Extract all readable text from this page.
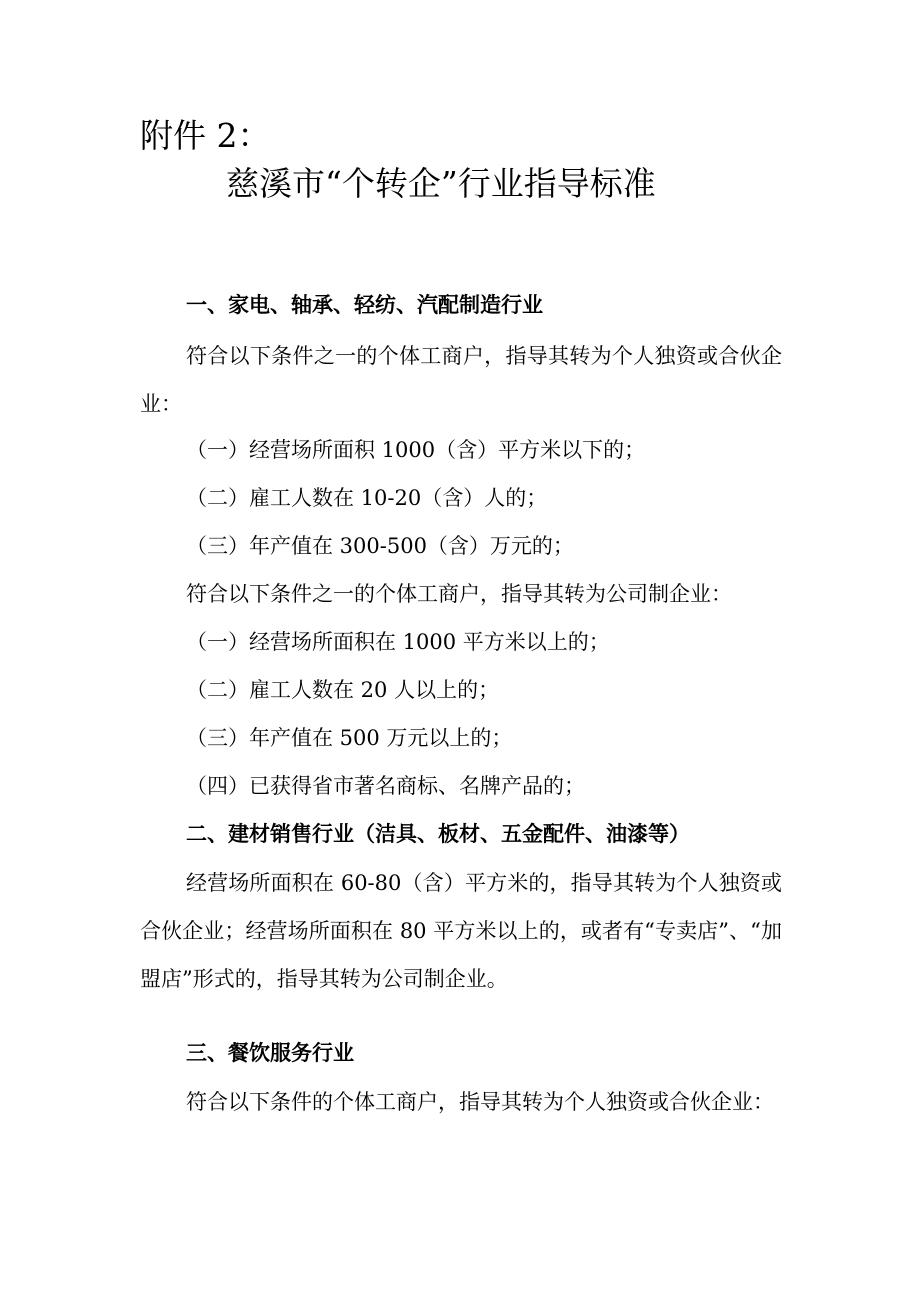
附件 2：
慈溪市“个转企”行业指导标准
一、家电、轴承、轻纺、汽配制造行业
符合以下条件之一的个体工商户，指导其转为个人独资或合伙企业：
（一）经营场所面积 1000（含）平方米以下的；
（二）雇工人数在 10-20（含）人的；
（三）年产值在 300-500（含）万元的；
符合以下条件之一的个体工商户，指导其转为公司制企业：
（一）经营场所面积在 1000 平方米以上的；
（二）雇工人数在 20 人以上的；
（三）年产值在 500 万元以上的；
（四）已获得省市著名商标、名牌产品的；
二、建材销售行业（洁具、板材、五金配件、油漆等）
经营场所面积在 60-80（含）平方米的，指导其转为个人独资或合伙企业；经营场所面积在 80 平方米以上的，或者有“专卖店”、“加盟店”形式的，指导其转为公司制企业。
三、餐饮服务行业
符合以下条件的个体工商户，指导其转为个人独资或合伙企业：
